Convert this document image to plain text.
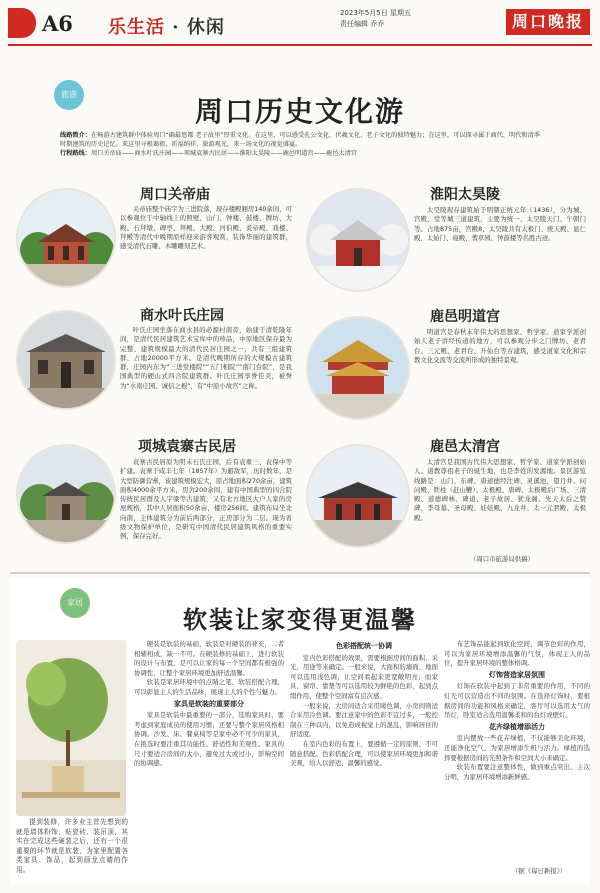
A6 乐生活 · 休闲
2023年5月5日 星期五
责任编辑 乔乔	周口晚报
旅游
周口历史文化游
线路简介：在畅游古建筑群中体验周口“确最悠都 老子故里”厚重文化。在这里，可以感受孔公文化、伏羲文化、老子文化的独特魅力；在这里，可以探寻属于商代、明代和清季时期建筑的历史记忆。来这里寻根谒祖、祈福纳祥、旅游观光，来一场文化的视觉盛宴。
行程路线：周口关帝庙——商水叶氏庄园——项城袁寨古民居——淮阳太昊陵——鹿邑明道宫——鹿邑太清宫
周口关帝庙
关帝庙整个庙宇为三进院落，现存楼殿厢房140余间，可以参观位于中轴线上的照壁、山门、钟楼、鼓楼、牌坊、大殿、石拜墩、碑亭、拜殿、大殿、河伯殿、炎帝殿、戏楼、拜殿等清代中晚期原样迎来游客观赏，装饰华丽的建筑群，感受清代石雕、木雕雕刻艺术。
商水叶氏庄园
叶氏庄园坐落在商水县的必源村南旁，始建于清乾隆年间，是清代民居建筑艺术宝库中的珍品，中原地区保存最为完整、建筑规模最大的清代民居庄园之一，共有三组建筑群，占地20000平方米。是清代晚期所存的大规模古建筑群，庄园内东为“三进堂楼院”“五门相院”“南门台院”，是我国典型的硬山式四合院建筑群。叶氏庄园享誉佳美，被誉为“水南庄园、诚信之根”，有“中原小故宫”之称。
项城袁寨古民居
袁寨古民居原为明末石氏庄园，后有袁重三、袁保中等扩建。袁寨于咸丰七年（1857年）为避敌军，历时数年，是大型防御营寨，该建筑规模宏大，原占地面积270余亩，建筑面积4000余平方米，房舍200余间，建有中国典型的四合院传统民居群及人字梁等古建筑，又有北方地区大户人家的房屋规格，其中人居面积50余亩，楼房256间。建筑布局坐北向南，主体建筑分为前后两部分，正房部分为二层。现为省级文物保护单位，是研究中国清代民居建筑风格的重要实例，保存完好。
淮阳太昊陵
太昊陵现存建筑始于明朝正统元年（1436），分为城、宫殿、堂等城三道建筑，主要为统一、太昊陵天门、午朝门等。占地875亩，宫殿8，太昊陵共有太极门、统天殿、显仁殿、太始门、寝殿、蓍草园、钟鼓楼等名胜古迹。
鹿邑明道宫
明道宫是春秋末年伟大的思想家、哲学家、道家学派创始人老子讲经传道的地方，可以参观分步之门牌坊、老君台、三元殿、老君台、升仙台等古建筑，感受道家文化和宗教文化交流等交流所形成的独特景观。
鹿邑太清宫
太清宫是我国古代伟大思想家、哲学家、道家学派创始人、道教尊祖老子的诞生地，也是李姓的发源地。景区游览线路是：山门、东碑、唐道德经注碑、灵溪池、望月井、问问殿、铁柱（赶山鞭）、太极殿、唐碑、太极殿后广场、三清殿、道德碑林、碑道、老子故居、犹龙阁、先天太后之赞碑、李母墓、圣母殿、娃娃殿、九龙井、太一元君殿、太极殿。
（周口市旅游局供稿）
家居
软装让家变得更温馨
提到装修，许多业主首先想到的就是墙体粉饰、贴瓷砖、装吊顶，其实在完成这些硬装之后，还有一个很重要的环节就是软装，为家里配置各类家具、饰品，起到画龙点睛的作用。

硬装是软装的基础，软装是对硬装的补充，二者相辅相成，缺一不可。在硬装修的基础上，进行软装的设计与布置，是可以让家的每一个空间都有极强的协调性，让整个家居环境更加舒适温馨。

软装是家居环境中的点睛之笔，软装搭配合理，可以彰显主人的生活品味，展现主人的个性与魅力。

家具是软装的重要部分

家具是软装中最重要的一部分，选购家具时，要考虑到家庭成员的使用习惯，还要与整个家居风格相协调。沙发、床、餐桌椅等是家中必不可少的家具，在挑选时要注重其功能性、舒适性和美观性。家具的尺寸要适合房间的大小，避免过大或过小，影响空间的协调感。

色彩搭配统一协调

室内色彩搭配的效果，需要根据房间的面积、采光、用途等来确定。一般来说，大面积的墙面、地面可以选用浅色调，让空间看起来更宽敞明亮；而家具、窗帘、靠垫等可以选用较为鲜艳的色彩，起到点缀作用，使整个空间富有层次感。

一般来说，大房间适合采用暖色调，小房间则适合采用冷色调。要注意家中的色彩不宜过多，一般控制在三种以内，以免造成视觉上的混乱，影响居住的舒适度。

在室内色彩的布置上，要遵循一定的原则，不可随意搭配。色彩搭配合理，可以使家居环境更加和谐美观，给人以舒适、温馨的感觉。

布艺饰品能起到软化空间、调节色彩的作用，可以为家居环境增添温馨的气氛，体现主人的品位，提升家居环境的整体格调。

灯饰营造家居氛围

灯饰在软装中起到了非常重要的作用，不同的灯光可以营造出不同的氛围。在选择灯饰时，要根据房间的功能和风格来确定，客厅可以选用大气的吊灯，卧室适合选用温馨柔和的台灯或壁灯。

花卉绿植增添活力

室内摆放一些花卉绿植，不仅能够美化环境，还能净化空气，为家居增添生机与活力。绿植的选择要根据房间的光照条件和空间大小来确定。

软装布置要注意整体性，做到重点突出、主次分明，为家居环境增添新鲜感。

（据《每日新报》）
